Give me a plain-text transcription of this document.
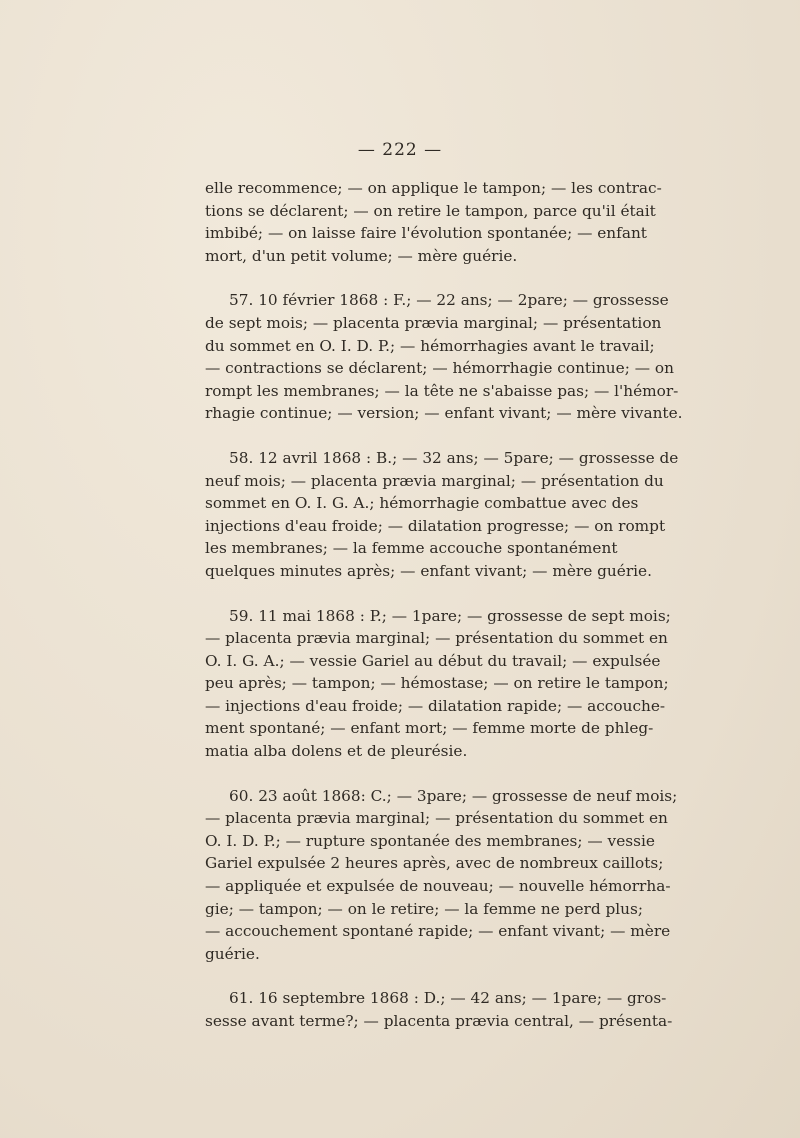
— 222 —
elle recommence; — on applique le tampon; — les contrac-
tions se déclarent; — on retire le tampon, parce qu'il était
imbibé; — on laisse faire l'évolution spontanée; — enfant
mort, d'un petit volume; — mère guérie.
57. 10 février 1868 : F.; — 22 ans; — 2pare; — grossesse
de sept mois; — placenta prævia marginal; — présentation
du sommet en O. I. D. P.; — hémorrhagies avant le travail;
— contractions se déclarent; — hémorrhagie continue; — on
rompt les membranes; — la tête ne s'abaisse pas; — l'hémor-
rhagie continue; — version; — enfant vivant; — mère vivante.
58. 12 avril 1868 : B.; — 32 ans; — 5pare; — grossesse de
neuf mois; — placenta prævia marginal; — présentation du
sommet en O. I. G. A.; hémorrhagie combattue avec des
injections d'eau froide; — dilatation progresse; — on rompt
les membranes; — la femme accouche spontanément
quelques minutes après; — enfant vivant; — mère guérie.
59. 11 mai 1868 : P.; — 1pare; — grossesse de sept mois;
— placenta prævia marginal; — présentation du sommet en
O. I. G. A.; — vessie Gariel au début du travail; — expulsée
peu après; — tampon; — hémostase; — on retire le tampon;
— injections d'eau froide; — dilatation rapide; — accouche-
ment spontané; — enfant mort; — femme morte de phleg-
matia alba dolens et de pleurésie.
60. 23 août 1868: C.; — 3pare; — grossesse de neuf mois;
— placenta prævia marginal; — présentation du sommet en
O. I. D. P.; — rupture spontanée des membranes; — vessie
Gariel expulsée 2 heures après, avec de nombreux caillots;
— appliquée et expulsée de nouveau; — nouvelle hémorrha-
gie; — tampon; — on le retire; — la femme ne perd plus;
— accouchement spontané rapide; — enfant vivant; — mère
guérie.
61. 16 septembre 1868 : D.; — 42 ans; — 1pare; — gros-
sesse avant terme?; — placenta prævia central, — présenta-
